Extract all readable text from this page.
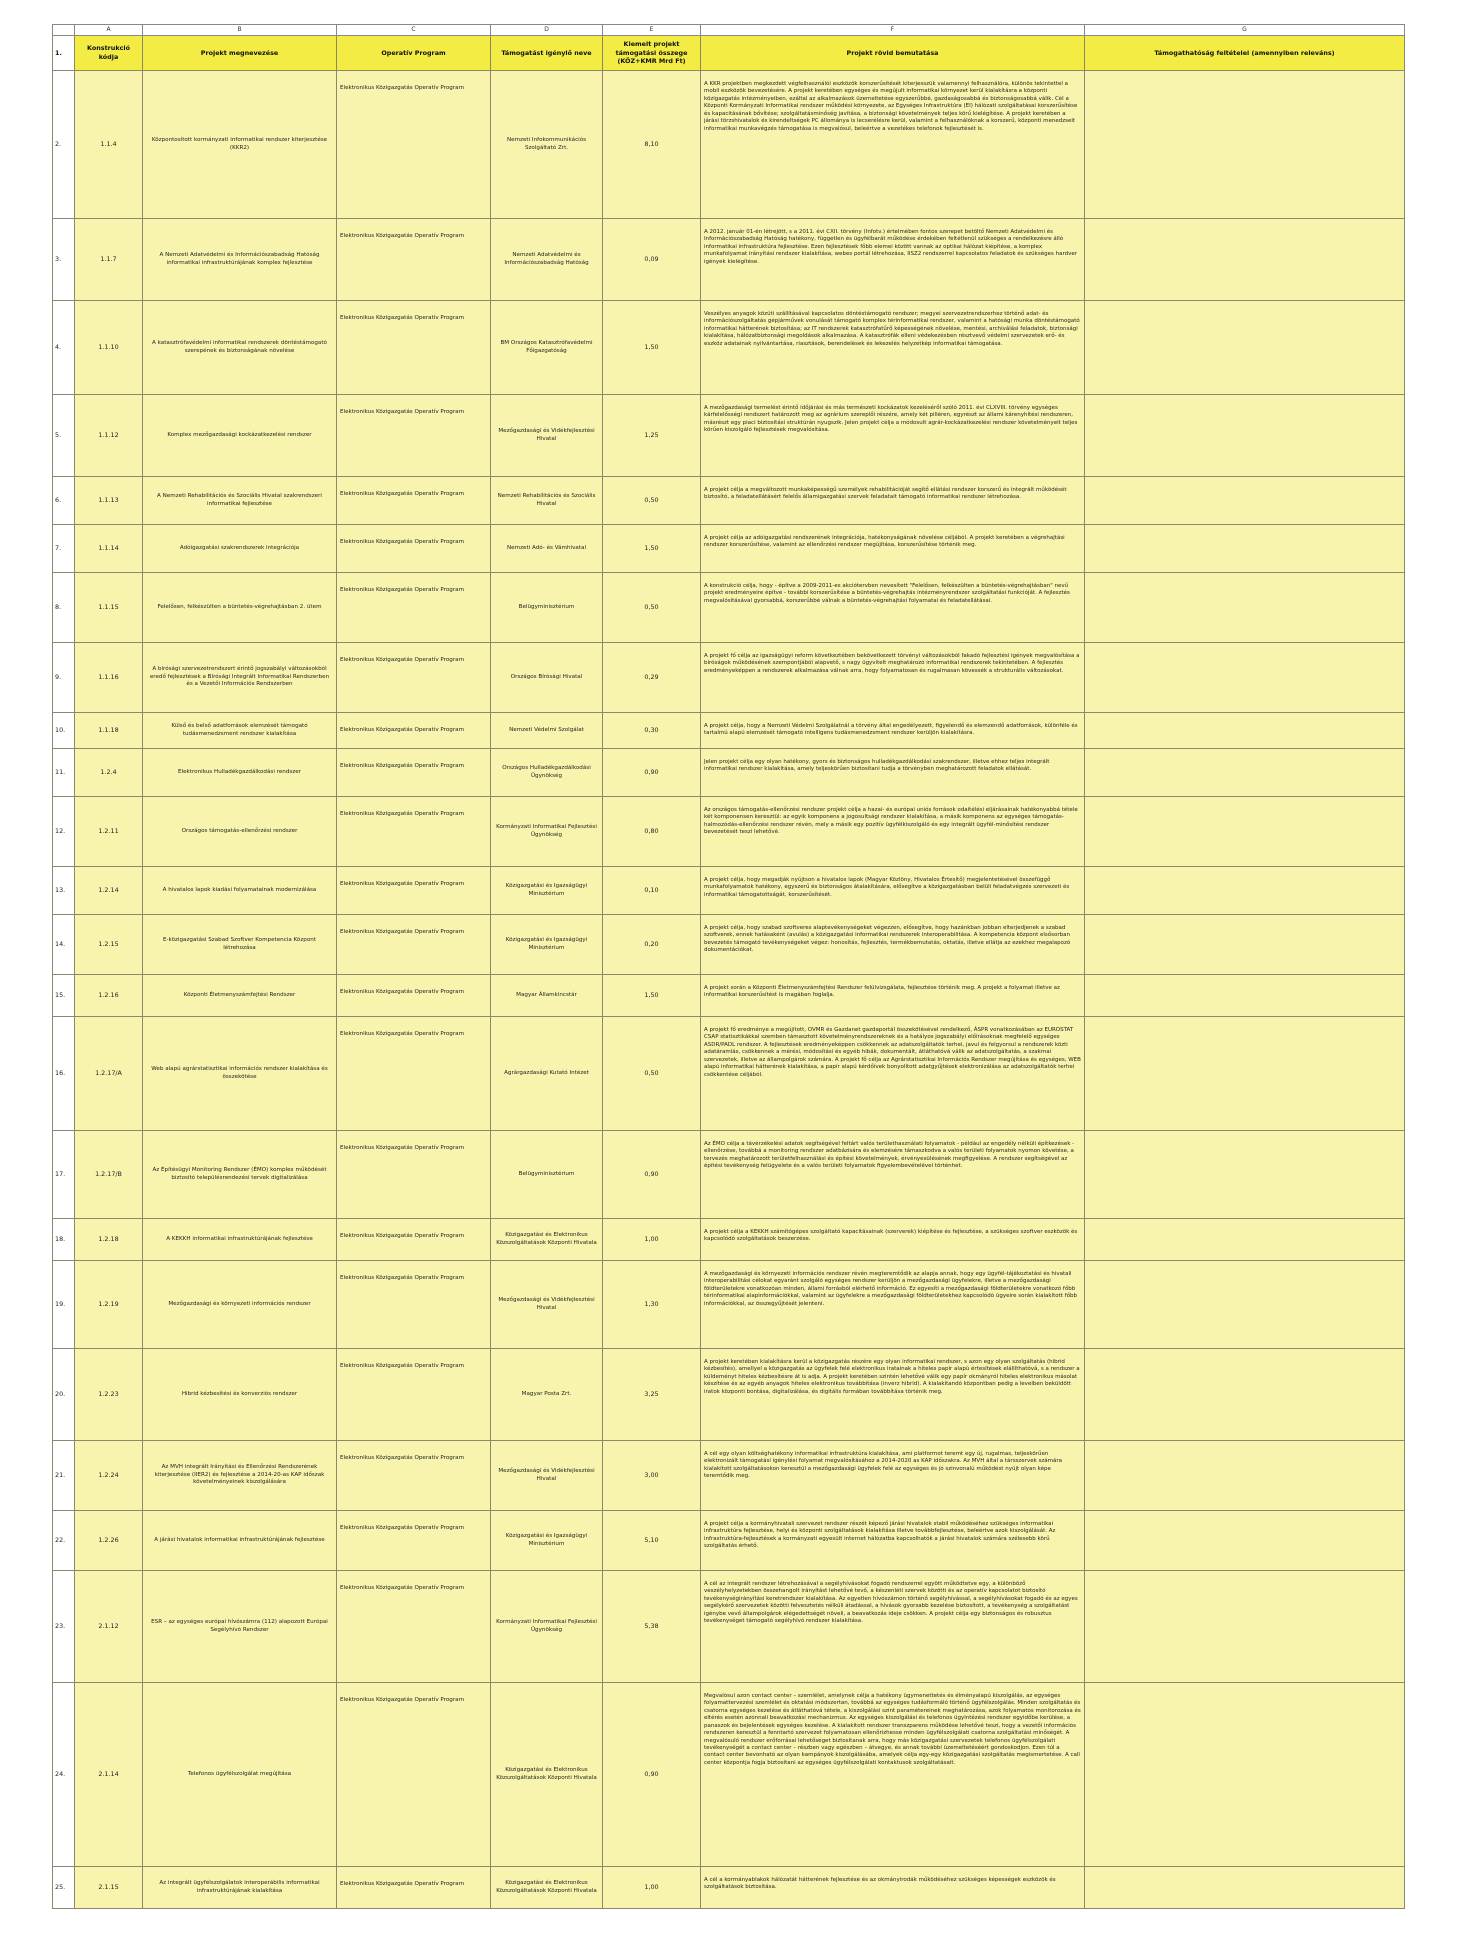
	A	B	C	D	E	F	G
1.	Konstrukció kódja	Projekt megnevezése	Operatív Program	Támogatást igénylő neve	Kiemelt projekt támogatási összege (KÖZ+KMR Mrd Ft)	Projekt rövid bemutatása	Támogathatóság feltételei (amennyiben releváns)
2.	1.1.4	Központosított kormányzati informatikai rendszer kiterjesztése (KKR2)	Elektronikus Közigazgatás Operatív Program	Nemzeti Infokommunikációs Szolgáltató Zrt.	8,10	A KKR projektben megkezdett végfelhasználói eszközök korszerűsítését kiterjesszük valamennyi felhasználóra, különös tekintettel a mobil eszközök bevezetésére. A projekt keretében egységes és megújult informatikai környezet kerül kialakításra a központi közigazgatás intézményeiben, ezáltal az alkalmazások üzemeltetése egyszerűbbé, gazdaságosabbá és biztonságosabbá válik. Cél a Központi Kormányzati Informatikai rendszer működési környezete, az Egységes Infrastruktúra (EI) hálózati szolgáltatásai korszerűsítése és kapacitásának bővítése; szolgáltatásminőség javítása, a biztonsági követelmények teljes körű kielégítése. A projekt keretében a járási törzshivatalok és kirendeltségek PC állománya is lecserélésre kerül, valamint a felhasználóknak a korszerű, központi menedzselt informatikai munkavégzés támogatása is megvalósul, beleértve a vezetékes telefonok fejlesztését is.	
3.	1.1.7	A Nemzeti Adatvédelmi és Információszabadság Hatóság informatikai infrastruktúrájának komplex fejlesztése	Elektronikus Közigazgatás Operatív Program	Nemzeti Adatvédelmi és Információszabadság Hatóság	0,09	A 2012. január 01-én létrejött, s a 2011. évi CXII. törvény (Infotv.) értelmében fontos szerepet betöltő Nemzeti Adatvédelmi és Információszabadság Hatóság hatékony, független és ügyfélbarát működése érdekében feltétlenül szükséges a rendelkezésre álló informatikai infrastruktúra fejlesztése. Ezen fejlesztések főbb elemei között vannak az optikai hálózat kiépítése, a komplex munkafolyamat irányítási rendszer kialakítása, webes portál létrehozása, IISZ2 rendszerrel kapcsolatos feladatok és szükséges hardver igények kielégítése.	
4.	1.1.10	A katasztrófavédelmi informatikai rendszerek döntéstámogató szerepének és biztonságának növelése	Elektronikus Közigazgatás Operatív Program	BM Országos Katasztrófavédelmi Főigazgatóság	1,50	Veszélyes anyagok közúti szállításával kapcsolatos döntéstámogató rendszer; megyei szervezetrendszerhez történő adat- és információszolgáltatás gépjárművek vonulását támogató komplex térinformatikai rendszer, valamint a hatósági munka döntéstámogató informatikai hátterének biztosítása; az IT rendszerek katasztrófatűrő képességének növelése, mentési, archiválási feladatok, biztonsági kialakítása, hálózatbiztonsági megoldások alkalmazása. A katasztrófák elleni védekezésben résztvevő védelmi szervezetek erő- és eszköz adatainak nyilvántartása, riasztások, berendelések és lekezelés helyzetkép informatikai támogatása.	
5.	1.1.12	Komplex mezőgazdasági kockázatkezelési rendszer	Elektronikus Közigazgatás Operatív Program	Mezőgazdasági és Vidékfejlesztési Hivatal	1,25	A mezőgazdasági termelést érintő időjárási és más természeti kockázatok kezeléséről szóló 2011. évi CLXVIII. törvény egységes kárfelelősségi rendszert határozott meg az agrárium szereplői részére, amely két pilléren, egyrészt az állami kárenyhítési rendszeren, másrészt egy piaci biztosítási struktúrán nyugszik. Jelen projekt célja a módosult agrár-kockázatkezelési rendszer követelményeit teljes körűen kiszolgáló fejlesztések megvalósítása.	
6.	1.1.13	A Nemzeti Rehabilitációs és Szociális Hivatal szakrendszeri informatikai fejlesztése	Elektronikus Közigazgatás Operatív Program	Nemzeti Rehabilitációs és Szociális Hivatal	0,50	A projekt célja a megváltozott munkaképességű személyek rehabilitációját segítő ellátási rendszer korszerű és integrált működését biztosító, a feladatellátásért felelős államigazgatási szervek feladatait támogató informatikai rendszer létrehozása.	
7.	1.1.14	Adóigazgatási szakrendszerek integrációja	Elektronikus Közigazgatás Operatív Program	Nemzeti Adó- és Vámhivatal	1,50	A projekt célja az adóigazgatási rendszerének integrációja, hatékonyságának növelése céljából. A projekt keretében a végrehajtási rendszer korszerűsítése, valamint az ellenőrzési rendszer megújítása, korszerűsítése történik meg.	
8.	1.1.15	Felelősen, felkészülten a büntetés-végrehajtásban 2. ütem	Elektronikus Közigazgatás Operatív Program	Belügyminisztérium	0,50	A konstrukció célja, hogy - építve a 2009-2011-es akciótervben nevesített "Felelősen, felkészülten a büntetés-végrehajtásban" nevű projekt eredményeire építve - további korszerűsítése a büntetés-végrehajtás intézményrendszer szolgáltatási funkcióját. A fejlesztés megvalósításával gyorsabbá, korszerűbbé válnak a büntetés-végrehajtási folyamatai és feladatellátásai.	
9.	1.1.16	A bírósági szervezetrendszert érintő jogszabályi változásokból eredő fejlesztések a Bírósági Integrált Informatikai Rendszerben és a Vezetői Információs Rendszerben	Elektronikus Közigazgatás Operatív Program	Országos Bírósági Hivatal	0,29	A projekt fő célja az igazságügyi reform következtében bekövetkezett törvényi változásokból fakadó fejlesztési igények megvalósítása a bíróságok működésének szempontjából alapvető, s nagy ügyvitelt meghatározó informatikai rendszerek tekintetében. A fejlesztés eredményeképpen a rendszerek alkalmazása válnak arra, hogy folyamatosan és rugalmasan kövessék a strukturális változásokat.	
10.	1.1.18	Külső és belső adatforrások elemzését támogató tudásmenedzsment rendszer kialakítása	Elektronikus Közigazgatás Operatív Program	Nemzeti Védelmi Szolgálat	0,30	A projekt célja, hogy a Nemzeti Védelmi Szolgálatnál a törvény által engedélyezett, figyelendő és elemzendő adatforrások, különféle és tartalmú alapú elemzését támogató intelligens tudásmenedzsment rendszer kerüljön kialakításra.	
11.	1.2.4	Elektronikus Hulladékgazdálkodási rendszer	Elektronikus Közigazgatás Operatív Program	Országos Hulladékgazdálkodási Ügynökség	0,90	Jelen projekt célja egy olyan hatékony, gyors és biztonságos hulladékgazdálkodási szakrendszer, illetve ehhez teljes integrált informatikai rendszer kialakítása, amely teljeskörűen biztosítani tudja a törvényben meghatározott feladatok ellátását.	
12.	1.2.11	Országos támogatás-ellenőrzési rendszer	Elektronikus Közigazgatás Operatív Program	Kormányzati Informatikai Fejlesztési Ügynökség	0,80	Az országos támogatás-ellenőrzési rendszer projekt célja a hazai- és európai uniós források odaítélési eljárásainak hatékonyabbá tétele két komponensen keresztül: az egyik komponens a jogosultsági rendszer kialakítása, a másik komponens az egységes támogatás-halmozódás-ellenőrzési rendszer révén, mely a másik egy pozitív ügyfélkiszolgáló és egy integrált ügyfél-minősítési rendszer bevezetését teszi lehetővé.	
13.	1.2.14	A hivatalos lapok kiadási folyamatainak modernizálása	Elektronikus Közigazgatás Operatív Program	Közigazgatási és Igazságügyi Minisztérium	0,10	A projekt célja, hogy megadják nyújtson a hivatalos lapok (Magyar Közlöny, Hivatalos Értesítő) megjelentetésével összefüggő munkafolyamatok hatékony, egyszerű és biztonságos átalakítására, elősegítve a közigazgatásban belüli feladatvégzés szervezeti és informatikai támogatottságát, korszerűsítését.	
14.	1.2.15	E-közigazgatási Szabad Szoftver Kompetencia Központ létrehozása	Elektronikus Közigazgatás Operatív Program	Közigazgatási és Igazságügyi Minisztérium	0,20	A projekt célja, hogy szabad szoftveres alaptevékenységeket végezzen, elősegítve, hogy hazánkban jobban elterjedjenek a szabad szoftverek, ennek hatásaként (avulás) a közigazgatási informatikai rendszerek interoperabilitása. A kompetencia központ elsősorban bevezetés támogató tevékenységeket végez: honosítás, fejlesztés, termékbemutatás, oktatás, illetve ellátja az ezekhez megalapozó dokumentációkat.	
15.	1.2.16	Központi Életmenyszámfejtési Rendszer	Elektronikus Közigazgatás Operatív Program	Magyar Államkincstár	1,50	A projekt során a Központi Életmenyszámfejtési Rendszer felülvizsgálata, fejlesztése történik meg. A projekt a folyamat illetve az informatikai korszerűsítést is magában foglalja.	
16.	1.2.17/A	Web alapú agrárstatisztikai információs rendszer kialakítása és összekötése	Elektronikus Közigazgatás Operatív Program	Agrárgazdasági Kutató Intézet	0,50	A projekt fő eredménye a megújított, OVMR és Gazdanet gazdaportál összekötésével rendelkező, ÁSPR vonatkozásában az EUROSTAT CSAP statisztikákkal szemben támasztott követelményrendszereknek és a hatályos jogszabályi előírásoknak megfelelő egységes ASDR/PADL rendszer. A fejlesztések eredményeképpen csökkennek az adatszolgáltatók terhei, javul és felgyorsul a rendszerek közti adatáramlás, csökkennek a mérési, módosítási és egyéb hibák, dokumentált, átláthatóvá válik az adatszolgáltatás, a szakmai szervezetek, illetve az állampolgárok számára. A projekt fő célja az Agrárstatisztikai Információs Rendszer megújítása és egységes, WEB alapú informatikai hátterének kialakítása, a papír alapú kérdőívek bonyolított adatgyűjtések elektronizálása az adatszolgáltatók terhei csökkentése céljából.	
17.	1.2.17/B	Az Építésügyi Monitoring Rendszer (ÉMO) komplex működését biztosító településrendezési tervek digitalizálása	Elektronikus Közigazgatás Operatív Program	Belügyminisztérium	0,90	Az ÉMO célja a távérzékelési adatok segítségével feltárt valós területhasználati folyamatok - például az engedély nélküli építkezések - ellenőrzése, továbbá a monitoring rendszer adatbázisára és elemzésére támaszkodva a valós területi folyamatok nyomon követése, a tervezés meghatározott területfelhasználási és építési követelmények, érvényesülésének megfigyelése. A rendszer segítségével az építési tevékenység felügyelete és a valós területi folyamatok figyelembevételével történhet.	
18.	1.2.18	A KEKKH informatikai infrastruktúrájának fejlesztése	Elektronikus Közigazgatás Operatív Program	Közigazgatási és Elektronikus Közszolgáltatások Központi Hivatala	1,00	A projekt célja a KEKKH számítógépes szolgáltató kapacitásainak (szerverek) kiépítése és fejlesztése, a szükséges szoftver eszközök és kapcsolódó szolgáltatások beszerzése.	
19.	1.2.19	Mezőgazdasági és környezeti információs rendszer	Elektronikus Közigazgatás Operatív Program	Mezőgazdasági és Vidékfejlesztési Hivatal	1,30	A mezőgazdasági és környezeti információs rendszer révén megteremtődik az alapja annak, hogy egy ügyfél-tájékoztatási és hivatali interoperabilitási célokat egyaránt szolgáló egységes rendszer kerüljön a mezőgazdasági ügyfelekre, illetve a mezőgazdasági földterületekre vonatkozóan minden, állami forrásból elérhető információ. Ez egyesíti a mezőgazdasági földterületekre vonatkozó főbb térinformatikai alapinformációkkal, valamint az ügyfelekre a mezőgazdasági földterületekhez kapcsolódó ügyeire során kialakított főbb információkkal, az összegyűjtését jelenteni.	
20.	1.2.23	Hibrid kézbesítési és konverziós rendszer	Elektronikus Közigazgatás Operatív Program	Magyar Posta Zrt.	3,25	A projekt keretében kialakításra kerül a közigazgatás részére egy olyan informatikai rendszer, s azon egy olyan szolgáltatás (hibrid kézbesítés), amellyel a közigazgatás az ügyfelek felé elektronikus iratainak a hiteles papír alapú értesítések elállíthatóvá, s a rendszer a küldeményt hiteles kézbesítésre át is adja. A projekt keretében szintén lehetővé válik egy papír okmányról hiteles elektronikus másolat készítése és az egyéb anyagok hiteles elektronikus továbbítása (inverz hibrid). A kialakítandó központban pedig a levelben beküldött iratok központi bontása, digitalizálása, és digitális formában továbbítása történik meg.	
21.	1.2.24	Az MVH integrált Irányítási és Ellenőrzési Rendszerének kiterjesztése (IIER2) és fejlesztése a 2014-20-as KAP időszak követelményeinek kiszolgálására	Elektronikus Közigazgatás Operatív Program	Mezőgazdasági és Vidékfejlesztési Hivatal	3,00	A cél egy olyan költséghatékony informatikai infrastruktúra kialakítása, ami platformot teremt egy új, rugalmas, teljeskörűen elektronizált támogatási igénylési folyamat megvalósításához a 2014-2020 as KAP időszakra. Az MVH által a társszervek számára kialakított szolgáltatásokon keresztül a mezőgazdasági ügyfelek felé az egységes és jó szinvonalú működést nyújt olyan képe teremtődik meg.	
22.	1.2.26	A járási hivatalok informatikai infrastruktúrájának fejlesztése	Elektronikus Közigazgatás Operatív Program	Közigazgatási és Igazságügyi Minisztérium	5,10	A projekt célja a kormányhivatali szervezet rendszer részét képező járási hivatalok stabil működéséhez szükséges informatikai infrastruktúra fejlesztése, helyi és központi szolgáltatások kialakítása illetve továbbfejlesztése, beleértve azok kiszolgálását. Az infrastruktúra-fejlesztések a kormányzati egyesült internet hálózatba kapcsolhatók a járási hivatalok számára szélesebb körű szolgáltatás érhető.	
23.	2.1.12	ESR – az egységes európai hívószámra (112) alapozott Európai Segélyhívó Rendszer	Elektronikus Közigazgatás Operatív Program	Kormányzati Informatikai Fejlesztési Ügynökség	5,38	A cél az integrált rendszer létrehozásával a segélyhívásokat fogadó rendszerrel egyött működtetve egy, a különböző veszélyhelyzetekben összehangolt irányítást lehetővé tevő, a készenléti szervek közötti és az operatív kapcsolatot biztosító tevékenységirányítási keretrendszer kialakítása. Az egyetlen hívószámon történő segélyhívással, a segélyhívásokat fogadó és az egyes segélykérő szervezetek közötti felvesztetés nélküli átadással, a hívások gyorsabb kezelése biztosított, a tevékenység a szolgáltatást igénybe vevő állampolgárok elégedettségét növeli, a beavatkozás ideje csökken. A projekt célja egy biztonságos és robusztus tevékenységet támogató segélyhívó rendszer kialakítása.	
24.	2.1.14	Telefonos ügyfélszolgálat megújítása	Elektronikus Közigazgatás Operatív Program	Közigazgatási és Elektronikus Közszolgáltatások Központi Hivatala	0,90	Megvalósul azon contact center – szemlélet, amelynek célja a hatékony ügymenettetés és élményalapú kiszolgálás, az egységes folyamattervezési szemlélet és oktatási módszertan, továbbá az egységes tudásformáló történő ügyfélszolgálás. Minden szolgáltatás és csatorna egységes kezelése és átláthatóvá tétele, a kiszolgálási szint paramétereinek meghatározása, azok folyamatos monitorozása és eltérés esetén azonnali beavatkozási mechanizmus. Az egységes kiszolgálási és telefonos ügyintézési rendszer egyidőbe kerülése, a panaszok és bejelentések egységes kezelése. A kialakított rendszer transzparens működése lehetővé teszi, hogy a vezetői információs rendszeren keresztül a fenntartó szervezet folyamatosan ellenőrizhesse minden ügyfélszolgálati csatorna szolgáltatási minőségét. A megvalósuló rendszer erőforrásai lehetőséget biztosítanak arra, hogy más közigazgatási szervezetek telefonos ügyfélszolgálati tevékenységét a contact center – részben vagy egészben – átvegye, és annak további üzemeltetéséért gondoskodjon. Ezen túl a contact center bevonható az olyan kampányok kiszolgálásába, amelyek célja egy-egy közigazgatási szolgáltatás megismertetése. A call center központja fogja biztosítani az egységes ügyfélszolgálati kontaktusok szolgáltatásait.	
25.	2.1.15	Az integrált ügyfélszolgálatok interoperábilis informatikai infrastruktúrájának kialakítása	Elektronikus Közigazgatás Operatív Program	Közigazgatási és Elektronikus Közszolgáltatások Központi Hivatala	1,00	A cél a kormányablakok hálózatát hátterének fejlesztése és az okmányirodák működéséhez szükséges képességek eszközök és szolgáltatások biztosítása.	
